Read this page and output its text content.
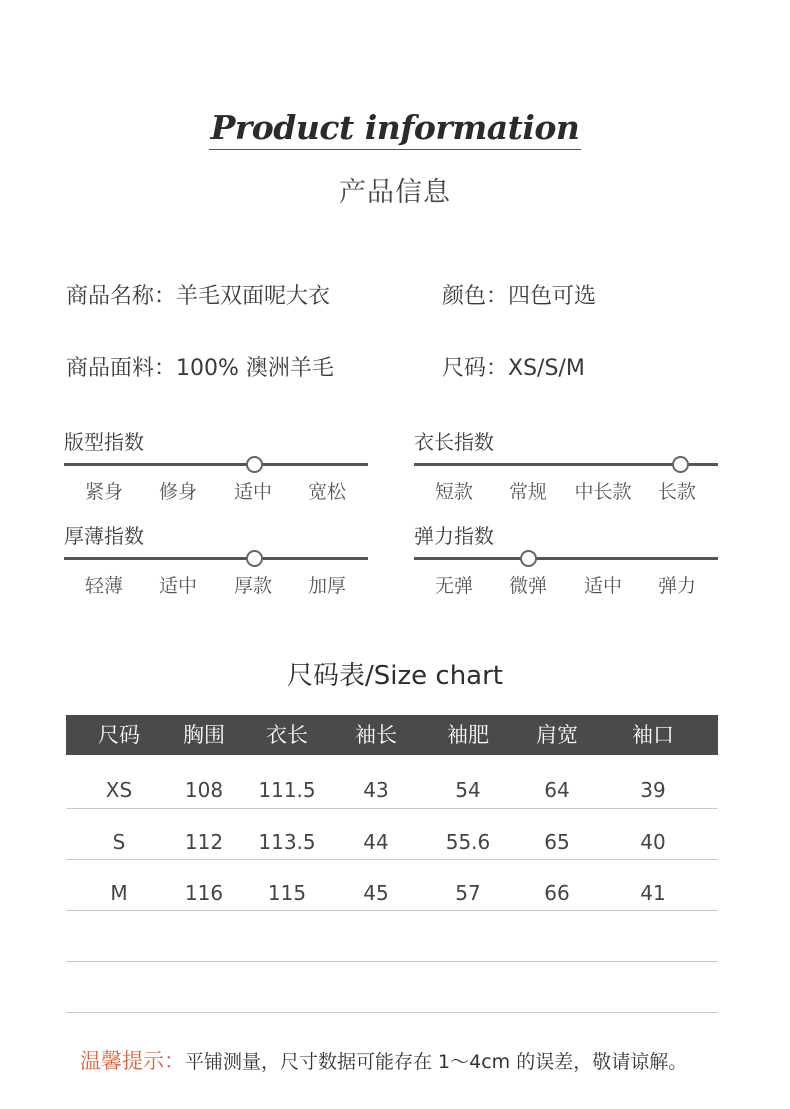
Product information
产品信息
商品名称：羊毛双面呢大衣	颜色：四色可选
商品面料：100% 澳洲羊毛	尺码：XS/S/M
版型指数
紧身 修身 适中 宽松
衣长指数
短款 常规 中长款 长款
厚薄指数
轻薄 适中 厚款 加厚
弹力指数
无弹 微弹 适中 弹力
尺码表/Size chart
尺码 胸围 衣长 袖长 袖肥 肩宽	袖口
XS	108 111.5 43	54	64	39
S	112 113.5 44	55.6	65	40
M	116 115	45	57	66	41
温馨提示：平铺测量，尺寸数据可能存在 1～4cm 的误差，敬请谅解。
